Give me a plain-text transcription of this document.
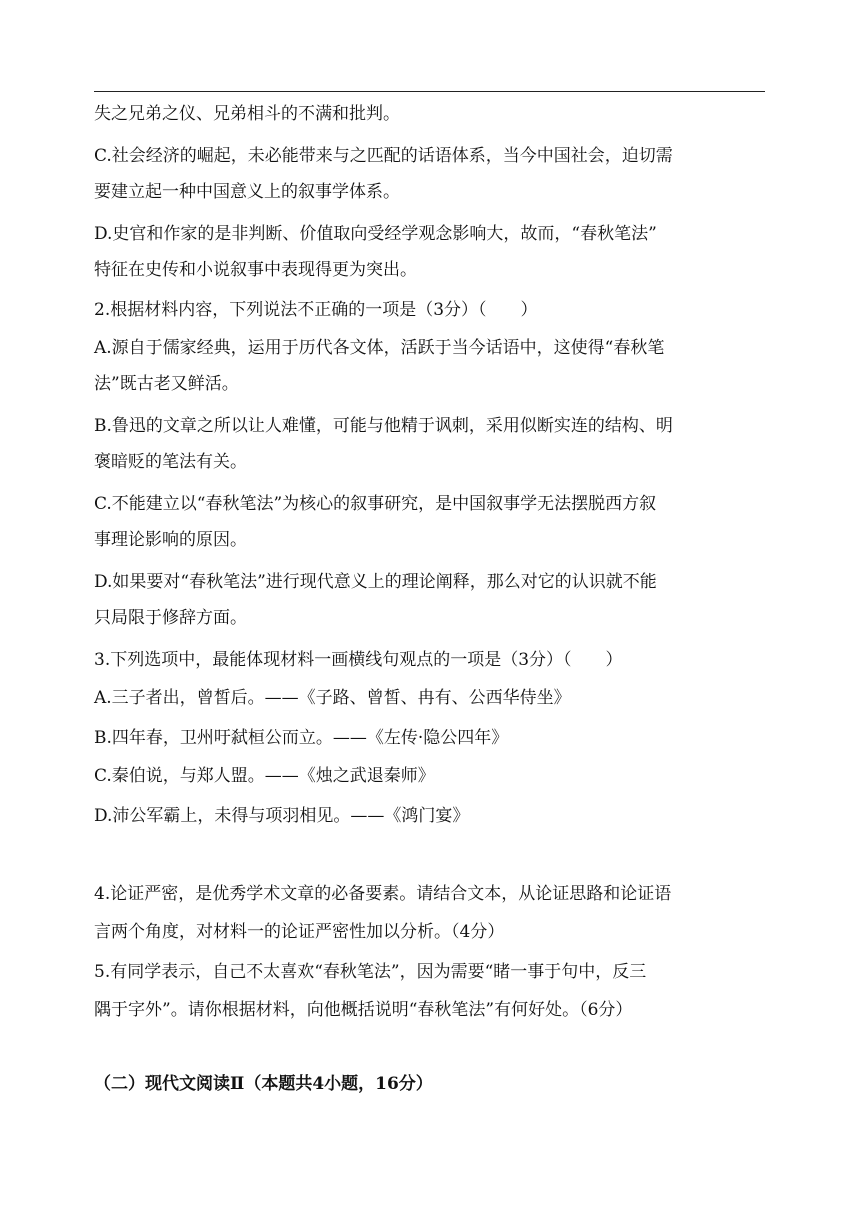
失之兄弟之仪、兄弟相斗的不满和批判。
C.社会经济的崛起，未必能带来与之匹配的话语体系，当今中国社会，迫切需
要建立起一种中国意义上的叙事学体系。
D.史官和作家的是非判断、价值取向受经学观念影响大，故而，“春秋笔法”
特征在史传和小说叙事中表现得更为突出。
2.根据材料内容，下列说法不正确的一项是（3分）（　　）
A.源自于儒家经典，运用于历代各文体，活跃于当今话语中，这使得“春秋笔
法”既古老又鲜活。
B.鲁迅的文章之所以让人难懂，可能与他精于讽刺，采用似断实连的结构、明
褒暗贬的笔法有关。
C.不能建立以“春秋笔法”为核心的叙事研究，是中国叙事学无法摆脱西方叙
事理论影响的原因。
D.如果要对“春秋笔法”进行现代意义上的理论阐释，那么对它的认识就不能
只局限于修辞方面。
3.下列选项中，最能体现材料一画横线句观点的一项是（3分）（　　）
A.三子者出，曾皙后。——《子路、曾皙、冉有、公西华侍坐》
B.四年春，卫州吁弑桓公而立。——《左传·隐公四年》
C.秦伯说，与郑人盟。——《烛之武退秦师》
D.沛公军霸上，未得与项羽相见。——《鸿门宴》
4.论证严密，是优秀学术文章的必备要素。请结合文本，从论证思路和论证语
言两个角度，对材料一的论证严密性加以分析。（4分）
5.有同学表示，自己不太喜欢“春秋笔法”，因为需要“睹一事于句中，反三
隅于字外”。请你根据材料，向他概括说明“春秋笔法”有何好处。（6分）
（二）现代文阅读Ⅱ（本题共4小题，16分）
